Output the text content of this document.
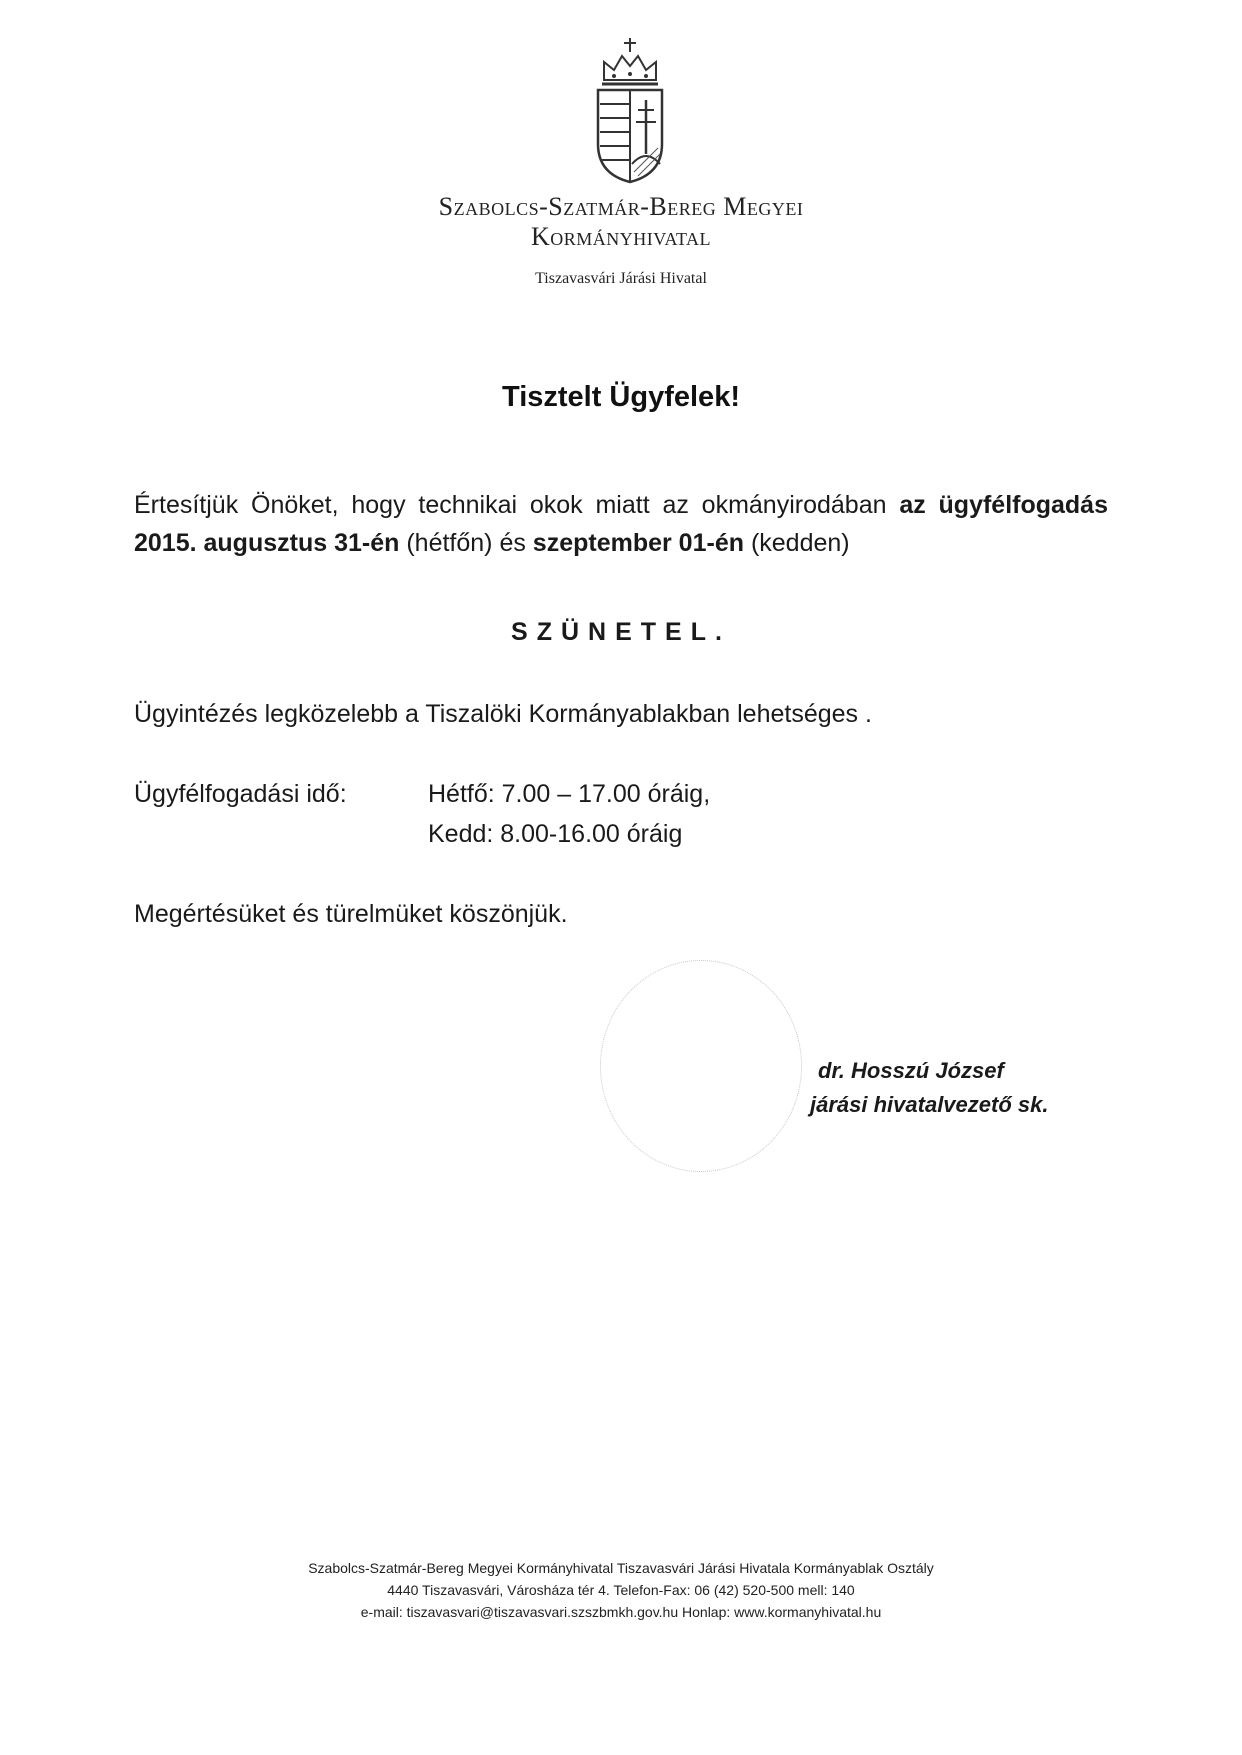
Szabolcs-Szatmár-Bereg Megyei
Kormányhivatal
Tiszavasvári Járási Hivatal
Tisztelt Ügyfelek!
Értesítjük Önöket, hogy technikai okok miatt az okmányirodában az ügyfélfogadás 2015. augusztus 31-én (hétfőn) és szeptember 01-én (kedden)
SZÜNETEL.
Ügyintézés legközelebb a Tiszalöki Kormányablakban lehetséges .
Ügyfélfogadási idő:	Hétfő: 7.00 – 17.00 óráig,
Kedd: 8.00-16.00 óráig
Megértésüket és türelmüket köszönjük.
dr. Hosszú József
járási hivatalvezető sk.
Szabolcs-Szatmár-Bereg Megyei Kormányhivatal Tiszavasvári Járási Hivatala Kormányablak Osztály
4440 Tiszavasvári, Városháza tér 4. Telefon-Fax: 06 (42) 520-500 mell: 140
e-mail: tiszavasvari@tiszavasvari.szszbmkh.gov.hu Honlap: www.kormanyhivatal.hu
